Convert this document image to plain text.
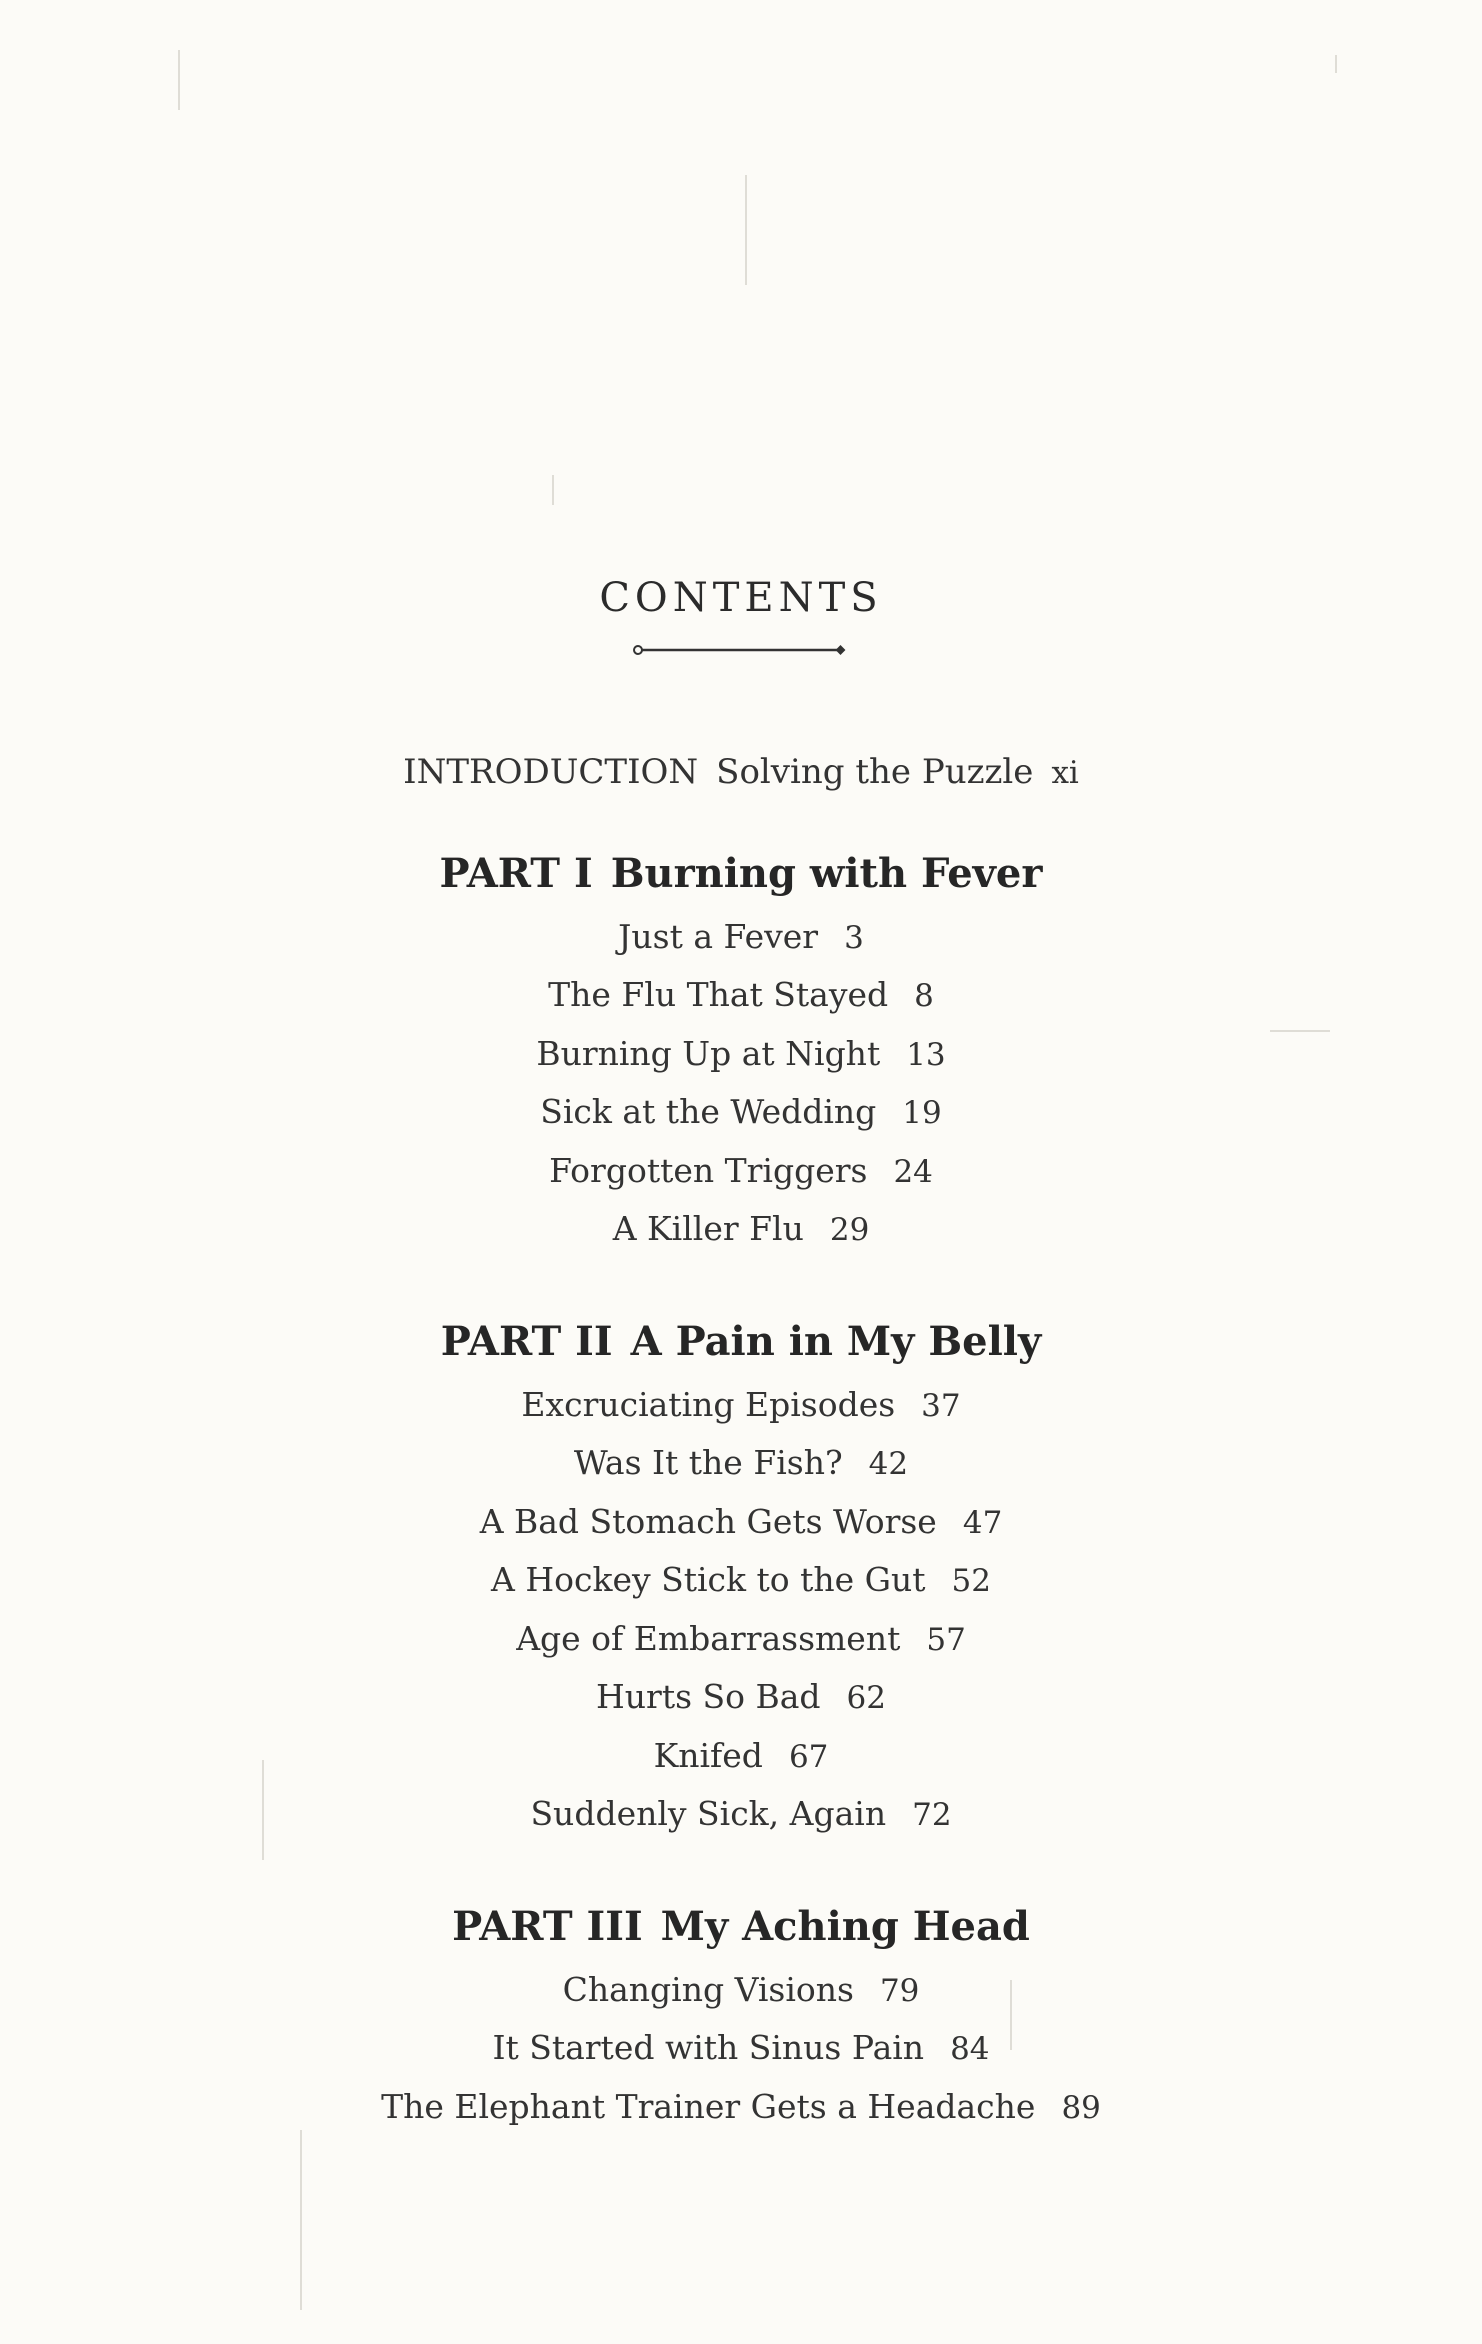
CONTENTS
INTRODUCTION Solving the Puzzle xi
PART I Burning with Fever
Just a Fever 3
The Flu That Stayed 8
Burning Up at Night 13
Sick at the Wedding 19
Forgotten Triggers 24
A Killer Flu 29
PART II A Pain in My Belly
Excruciating Episodes 37
Was It the Fish? 42
A Bad Stomach Gets Worse 47
A Hockey Stick to the Gut 52
Age of Embarrassment 57
Hurts So Bad 62
Knifed 67
Suddenly Sick, Again 72
PART III My Aching Head
Changing Visions 79
It Started with Sinus Pain 84
The Elephant Trainer Gets a Headache 89
